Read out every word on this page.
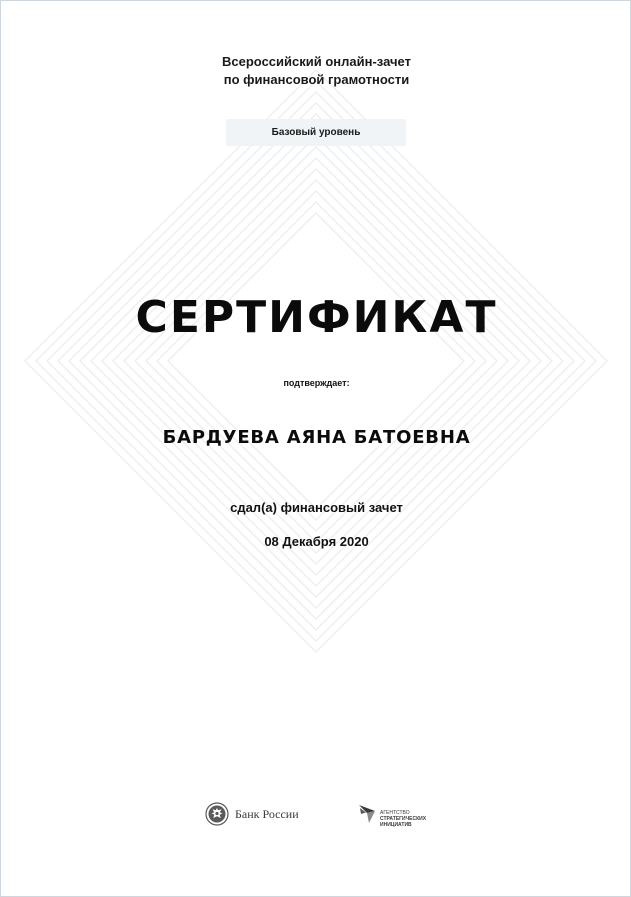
Всероссийский онлайн-зачет
по финансовой грамотности
Базовый уровень
СЕРТИФИКАТ
подтверждает:
БАРДУЕВА АЯНА БАТОЕВНА
сдал(а) финансовый зачет
08 Декабря 2020
Банк России	АГЕНТСТВО
СТРАТЕГИЧЕСКИХ
ИНИЦИАТИВ
